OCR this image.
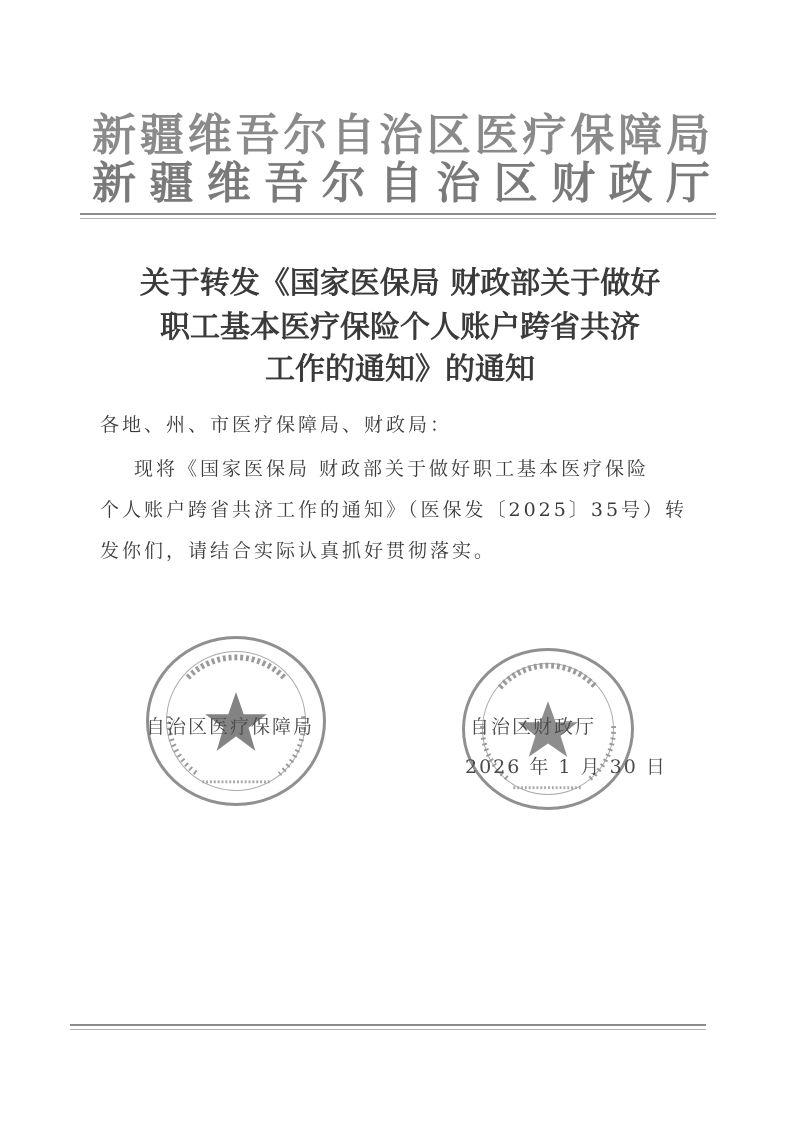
新疆维吾尔自治区医疗保障局
新疆维吾尔自治区财政厅
关于转发《国家医保局 财政部关于做好
职工基本医疗保险个人账户跨省共济
工作的通知》的通知
各地、州、市医疗保障局、财政局：
现将《国家医保局 财政部关于做好职工基本医疗保险
个人账户跨省共济工作的通知》（医保发〔2025〕35号）转
发你们，请结合实际认真抓好贯彻落实。
自治区医疗保障局	自治区财政厅
2026 年 1 月 30 日
